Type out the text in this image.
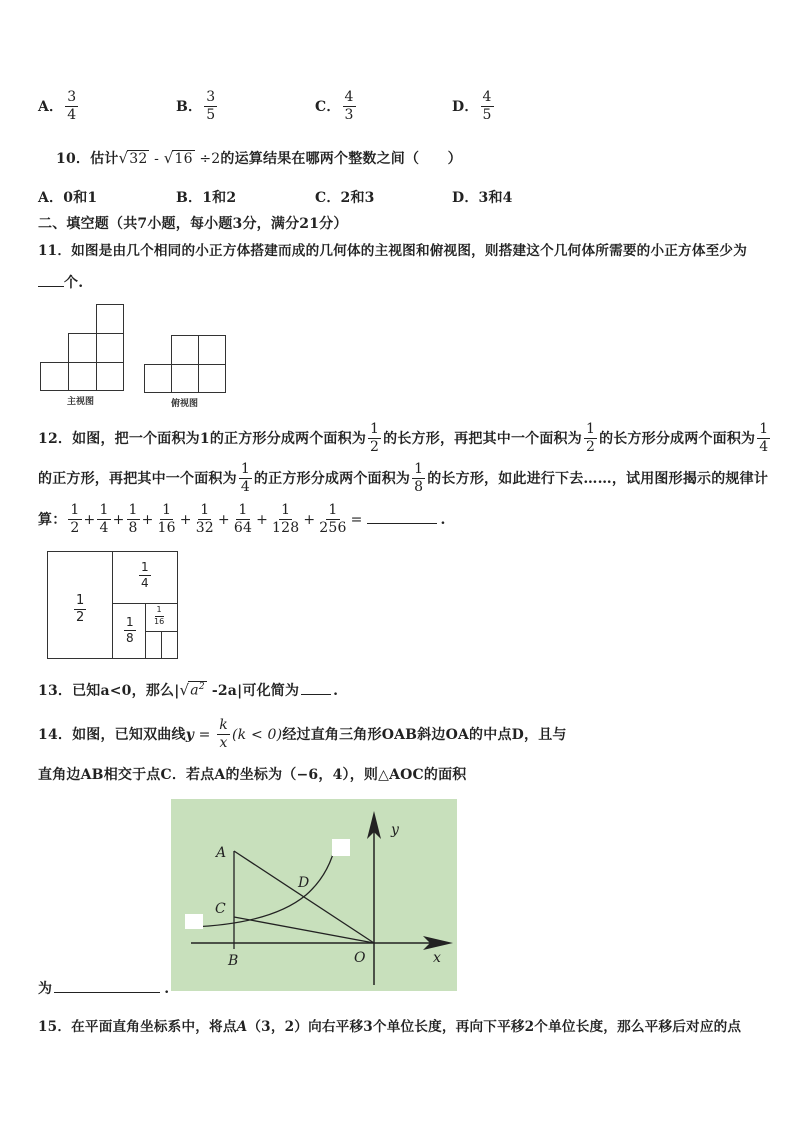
A． $\frac{3}{4}$	B． $\frac{3}{5}$	C． $\frac{4}{3}$	D． $\frac{4}{5}$
10．估计√32 - √16 ÷2的运算结果在哪两个整数之间（　　）
A．0和1	B．1和2	C．2和3	D．3和4
二、填空题（共7小题，每小题3分，满分21分）
11．如图是由几个相同的小正方体搭建而成的几何体的主视图和俯视图，则搭建这个几何体所需要的小正方体至少为
个.
主视图	俯视图
12．如图，把一个面积为1的正方形分成两个面积为 $\frac{1}{2}$ 的长方形，再把其中一个面积为 $\frac{1}{2}$ 的长方形分成两个面积为 $\frac{1}{4}$
的正方形，再把其中一个面积为 $\frac{1}{4}$ 的正方形分成两个面积为 $\frac{1}{8}$ 的长方形，如此进行下去……，试用图形揭示的规律计
算： $\frac{1}{2} + \frac{1}{4} + \frac{1}{8} + \frac{1}{16} + \frac{1}{32} + \frac{1}{64} + \frac{1}{128} + \frac{1}{256}$ =	.
$\frac{1}{2}$
$\frac{1}{4}$
$\frac{1}{8} \frac{1}{16}$
13．已知a<0，那么$|√a^2$ -2a|可化简为 .
14．如图，已知双曲线$y = \frac{k}{x} (k < 0)$经过直角三角形OAB斜边OA的中点D，且与
直角边AB相交于点C．若点A的坐标为（−6，4），则△AOC的面积
A
B
C
D
O	x
y
为	.
15．在平面直角坐标系中，将点A（3，2）向右平移3个单位长度，再向下平移2个单位长度，那么平移后对应的点
